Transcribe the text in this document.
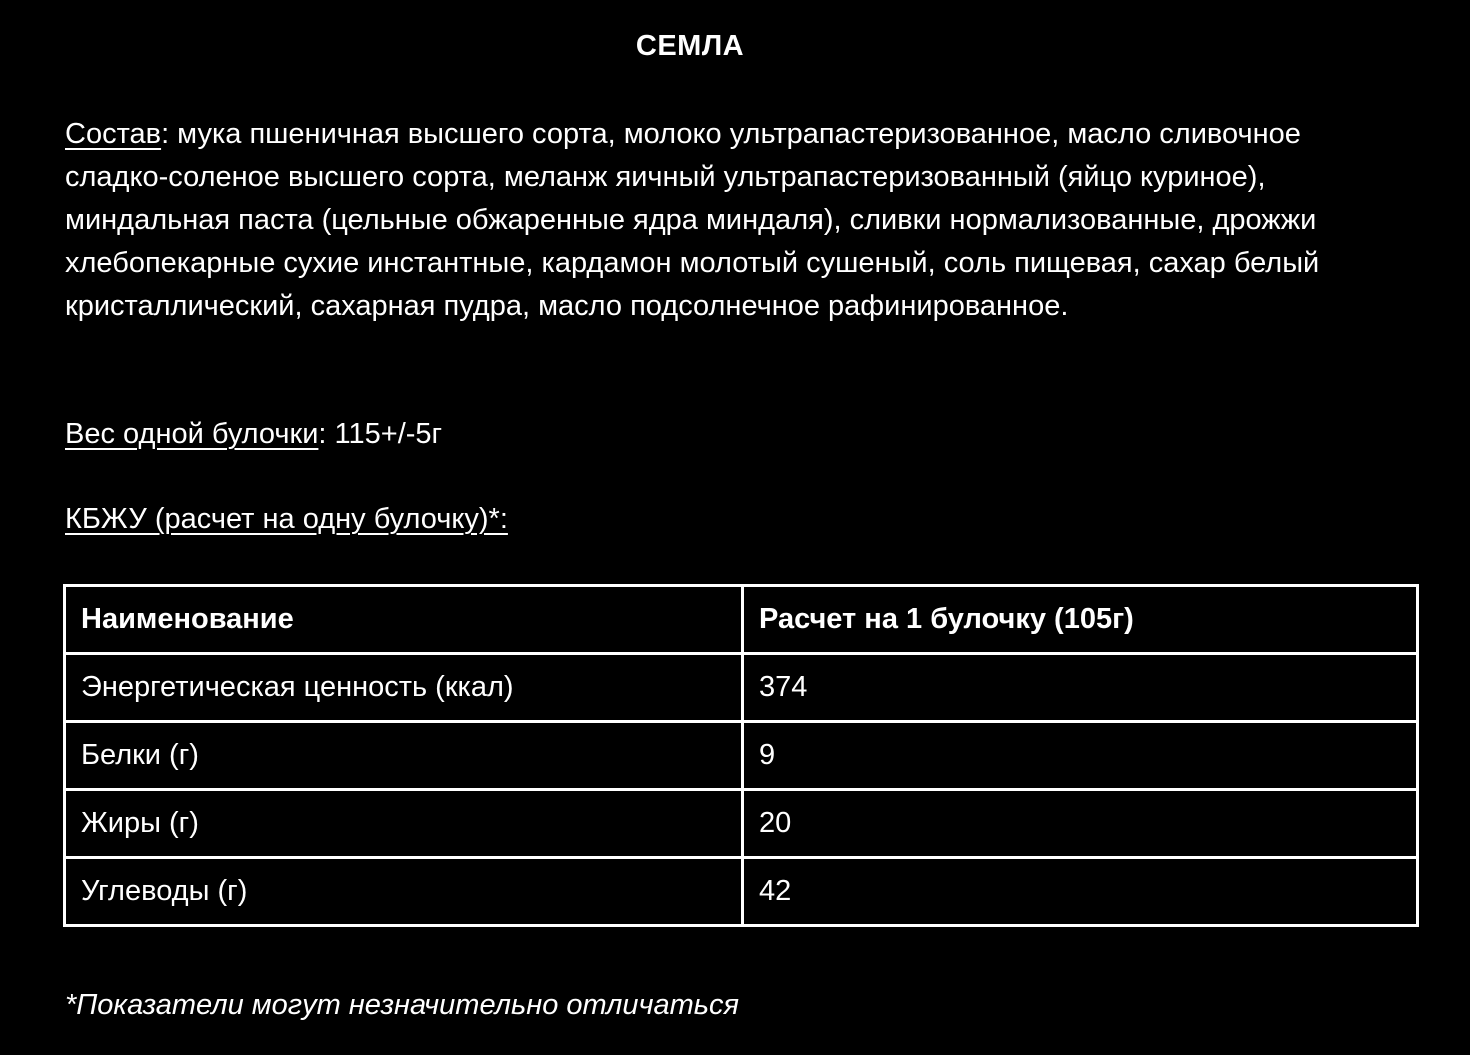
СЕМЛА
Состав: мука пшеничная высшего сорта, молоко ультрапастеризованное, масло сливочное сладко-соленое высшего сорта, меланж яичный ультрапастеризованный (яйцо куриное), миндальная паста (цельные обжаренные ядра миндаля), сливки нормализованные, дрожжи хлебопекарные сухие инстантные, кардамон молотый сушеный, соль пищевая, сахар белый кристаллический, сахарная пудра, масло подсолнечное рафинированное.
Вес одной булочки: 115+/-5г
КБЖУ (расчет на одну булочку)*:
Наименование	Расчет на 1 булочку (105г)
Энергетическая ценность (ккал)	374
Белки (г)	9
Жиры (г)	20
Углеводы (г)	42
*Показатели могут незначительно отличаться
